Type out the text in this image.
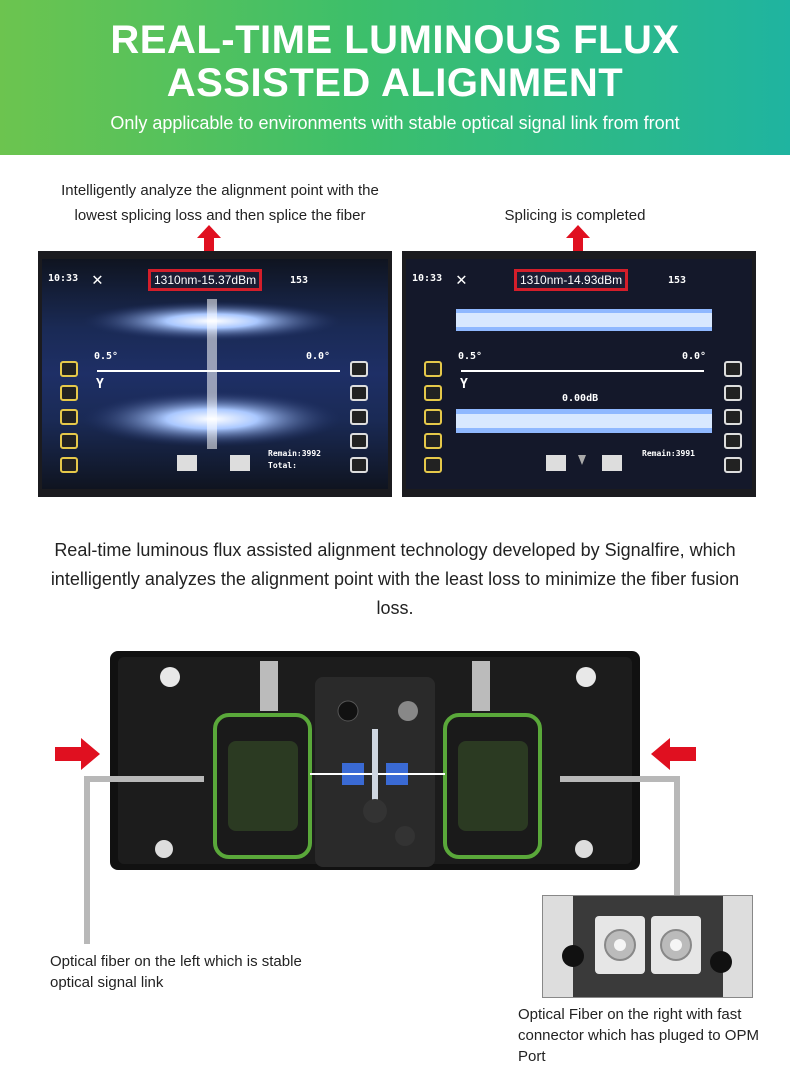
REAL-TIME LUMINOUS FLUX
ASSISTED ALIGNMENT
Only applicable to environments with stable optical signal link from front
Intelligently analyze the alignment point with the
lowest splicing loss and then splice the fiber	Splicing is completed
10:33 ✕	1310nm-15.37dBm	153
0.5°	0.0°
Y
Remain:3992
Total:
10:33 ✕	1310nm-14.93dBm	153
0.5°	0.0°
Y
0.00dB
Remain:3991
Real-time luminous flux assisted alignment technology developed by Signalfire, which intelligently analyzes the alignment point with the least loss to minimize the fiber fusion loss.
Optical fiber on the left which is stable optical signal link
Optical Fiber on the right with fast connector which has pluged to OPM Port
